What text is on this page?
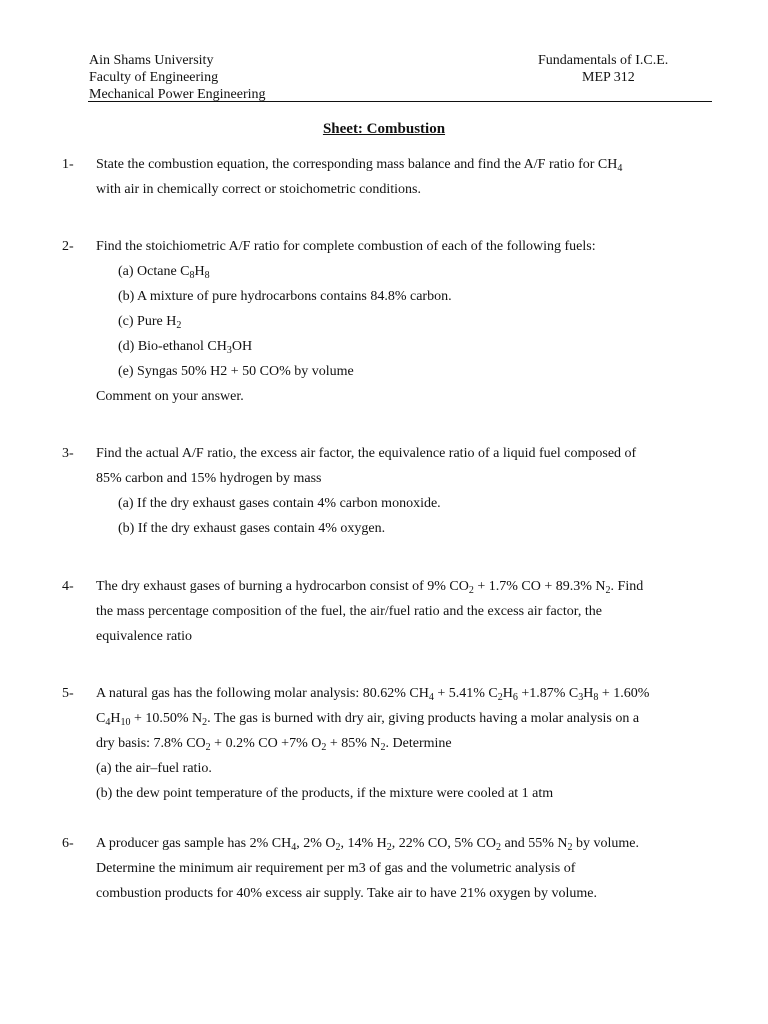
Ain Shams University
Faculty of Engineering
Mechanical Power Engineering
Fundamentals of I.C.E.
MEP 312
Sheet: Combustion
1- State the combustion equation, the corresponding mass balance and find the A/F ratio for $CH_4$
with air in chemically correct or stoichometric conditions.
2- Find the stoichiometric A/F ratio for complete combustion of each of the following fuels:
(a) Octane $C_8H_8$
(b) A mixture of pure hydrocarbons contains 84.8% carbon.
(c) Pure $H_2$
(d) Bio-ethanol $CH_3OH$
(e) Syngas 50% H2 + 50 CO% by volume
Comment on your answer.
3- Find the actual A/F ratio, the excess air factor, the equivalence ratio of a liquid fuel composed of
85% carbon and 15% hydrogen by mass
(a) If the dry exhaust gases contain 4% carbon monoxide.
(b) If the dry exhaust gases contain 4% oxygen.
4- The dry exhaust gases of burning a hydrocarbon consist of 9% $CO_2 + 1.7\%$ CO + 89.3% $N_2$. Find
the mass percentage composition of the fuel, the air/fuel ratio and the excess air factor, the
equivalence ratio
5- A natural gas has the following molar analysis: 80.62% $CH_4 + 5.41\%$ $C_2H_6 +1.87\%$ $C_3H_8 + 1.60\%$
$C_4H_{10} + 10.50\%$ $N_2$. The gas is burned with dry air, giving products having a molar analysis on a
dry basis: 7.8% $CO_2 + 0.2\%$ CO +7% $O_2 + 85\%$ $N_2$. Determine
(a) the air–fuel ratio.
(b) the dew point temperature of the products, if the mixture were cooled at 1 atm
6- A producer gas sample has 2% $CH_4$, 2% $O_2$, 14% $H_2$, 22% CO, 5% $CO_2$ and 55% $N_2$ by volume.
Determine the minimum air requirement per m3 of gas and the volumetric analysis of
combustion products for 40% excess air supply. Take air to have 21% oxygen by volume.
